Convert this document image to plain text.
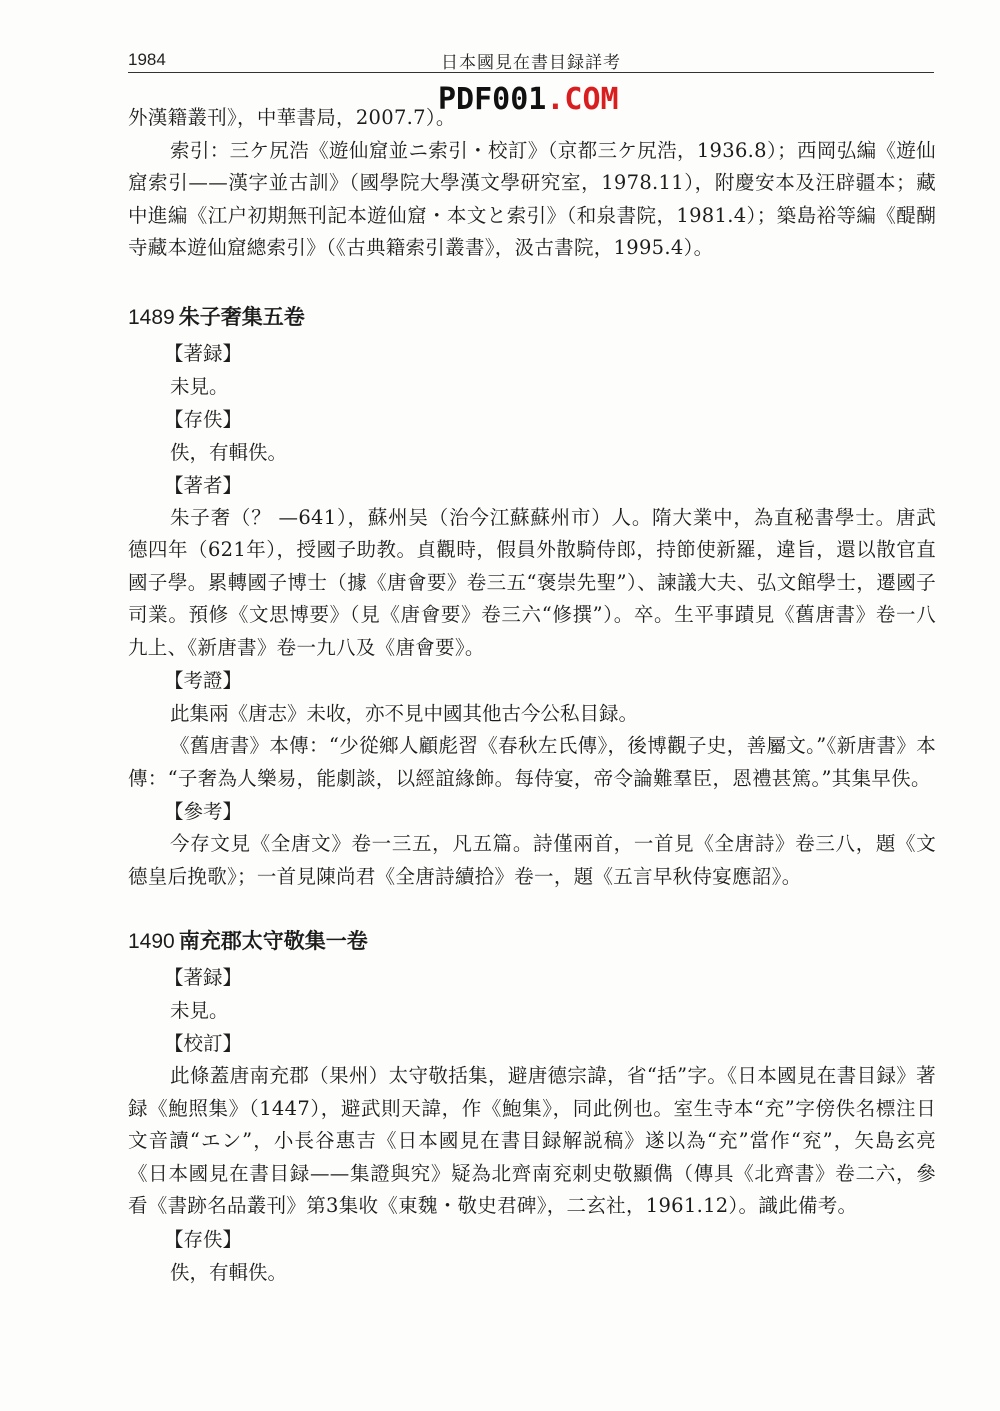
1984	日本國見在書目録詳考
PDF001.COM

外漢籍叢刊》，中華書局，2007.7）。

索引：三ケ尻浩《遊仙窟並ニ索引・校訂》（京都三ケ尻浩，1936.8）；西岡弘編《遊仙窟索引——漢字並古訓》（國學院大學漢文學研究室，1978.11），附慶安本及汪辟疆本；藏中進編《江户初期無刊記本遊仙窟・本文と索引》（和泉書院，1981.4）；築島裕等編《醍醐寺藏本遊仙窟總索引》（《古典籍索引叢書》，汲古書院，1995.4）。

1489 朱子奢集五卷

【著録】

未見。

【存佚】

佚，有輯佚。

【著者】

朱子奢（？ —641），蘇州吴（治今江蘇蘇州市）人。隋大業中，為直秘書學士。唐武德四年（621年），授國子助教。貞觀時，假員外散騎侍郎，持節使新羅，違旨，還以散官直國子學。累轉國子博士（據《唐會要》卷三五“褒崇先聖”）、諫議大夫、弘文館學士，遷國子司業。預修《文思博要》（見《唐會要》卷三六“修撰”）。卒。生平事蹟見《舊唐書》卷一八九上、《新唐書》卷一九八及《唐會要》。

【考證】

此集兩《唐志》未收，亦不見中國其他古今公私目録。

《舊唐書》本傳：“少從鄉人顧彪習《春秋左氏傳》，後博觀子史，善屬文。”《新唐書》本傳：“子奢為人樂易，能劇談，以經誼緣飾。每侍宴，帝令論難羣臣，恩禮甚篤。”其集早佚。

【參考】

今存文見《全唐文》卷一三五，凡五篇。詩僅兩首，一首見《全唐詩》卷三八，題《文德皇后挽歌》；一首見陳尚君《全唐詩續拾》卷一，題《五言早秋侍宴應詔》。

1490 南充郡太守敬集一卷

【著録】

未見。

【校訂】

此條蓋唐南充郡（果州）太守敬括集，避唐德宗諱，省“括”字。《日本國見在書目録》著録《鮑照集》（1447），避武則天諱，作《鮑集》，同此例也。室生寺本“充”字傍佚名標注日文音讀“エン”，小長谷惠吉《日本國見在書目録解説稿》遂以為“充”當作“兖”，矢島玄亮《日本國見在書目録——集證與究》疑為北齊南兖刺史敬顯儁（傳具《北齊書》卷二六，參看《書跡名品叢刊》第3集收《東魏・敬史君碑》，二玄社，1961.12）。識此備考。

【存佚】

佚，有輯佚。
